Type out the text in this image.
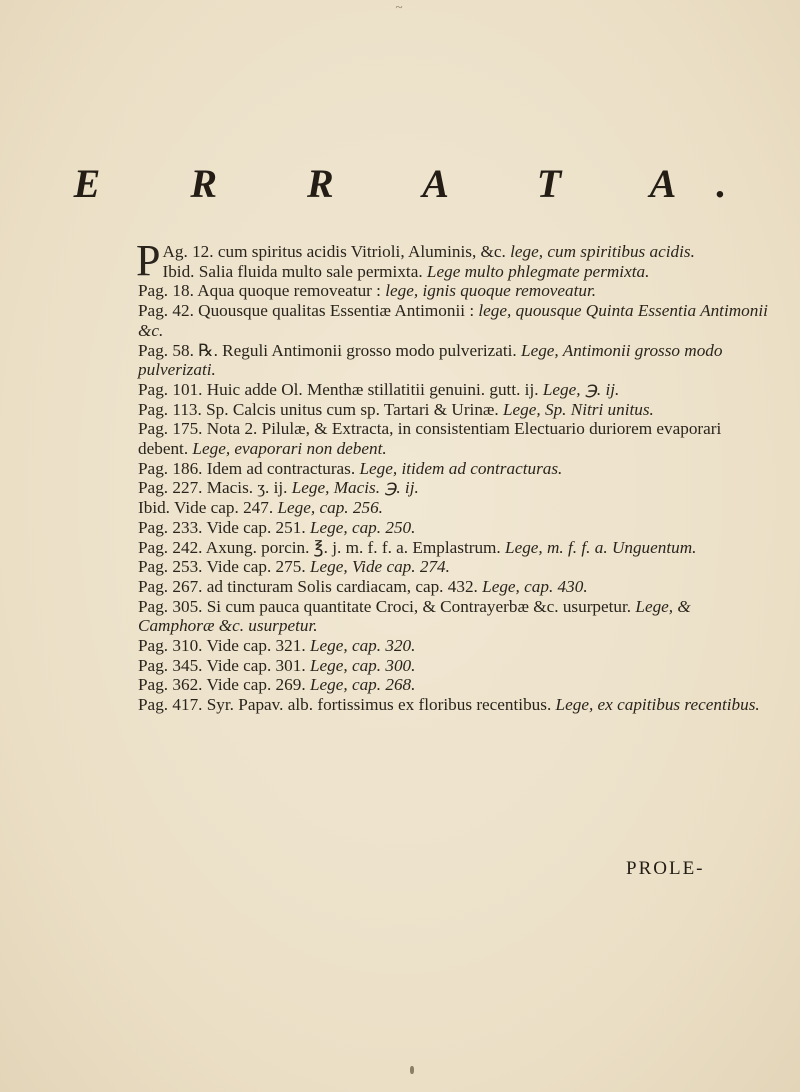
~
E R R A T A.

P Ag. 12. cum spiritus acidis Vitrioli, Aluminis, &c. lege, cum spiritibus acidis.

Ibid. Salia fluida multo sale permixta. Lege multo phlegmate permixta.

Pag. 18. Aqua quoque removeatur : lege, ignis quoque removeatur.

Pag. 42. Quousque qualitas Essentiæ Antimonii : lege, quousque Quinta Essentia Antimonii &c.

Pag. 58. ℞. Reguli Antimonii grosso modo pulverizati. Lege, Antimonii grosso modo pulverizati.

Pag. 101. Huic adde Ol. Menthæ stillatitii genuini. gutt. ij. Lege, ℈. ij.

Pag. 113. Sp. Calcis unitus cum sp. Tartari & Urinæ. Lege, Sp. Nitri unitus.

Pag. 175. Nota 2. Pilulæ, & Extracta, in consistentiam Electuario duriorem evaporari debent. Lege, evaporari non debent.

Pag. 186. Idem ad contracturas. Lege, itidem ad contracturas.

Pag. 227. Macis. ʒ. ij. Lege, Macis. ℈. ij.

Ibid. Vide cap. 247. Lege, cap. 256.

Pag. 233. Vide cap. 251. Lege, cap. 250.

Pag. 242. Axung. porcin. ℥. j. m. f. f. a. Emplastrum. Lege, m. f. f. a. Unguentum.

Pag. 253. Vide cap. 275. Lege, Vide cap. 274.

Pag. 267. ad tincturam Solis cardiacam, cap. 432. Lege, cap. 430.

Pag. 305. Si cum pauca quantitate Croci, & Contrayerbæ &c. usurpetur. Lege, & Camphoræ &c. usurpetur.

Pag. 310. Vide cap. 321. Lege, cap. 320.

Pag. 345. Vide cap. 301. Lege, cap. 300.

Pag. 362. Vide cap. 269. Lege, cap. 268.

Pag. 417. Syr. Papav. alb. fortissimus ex floribus recentibus. Lege, ex capitibus recentibus.

PROLE-
